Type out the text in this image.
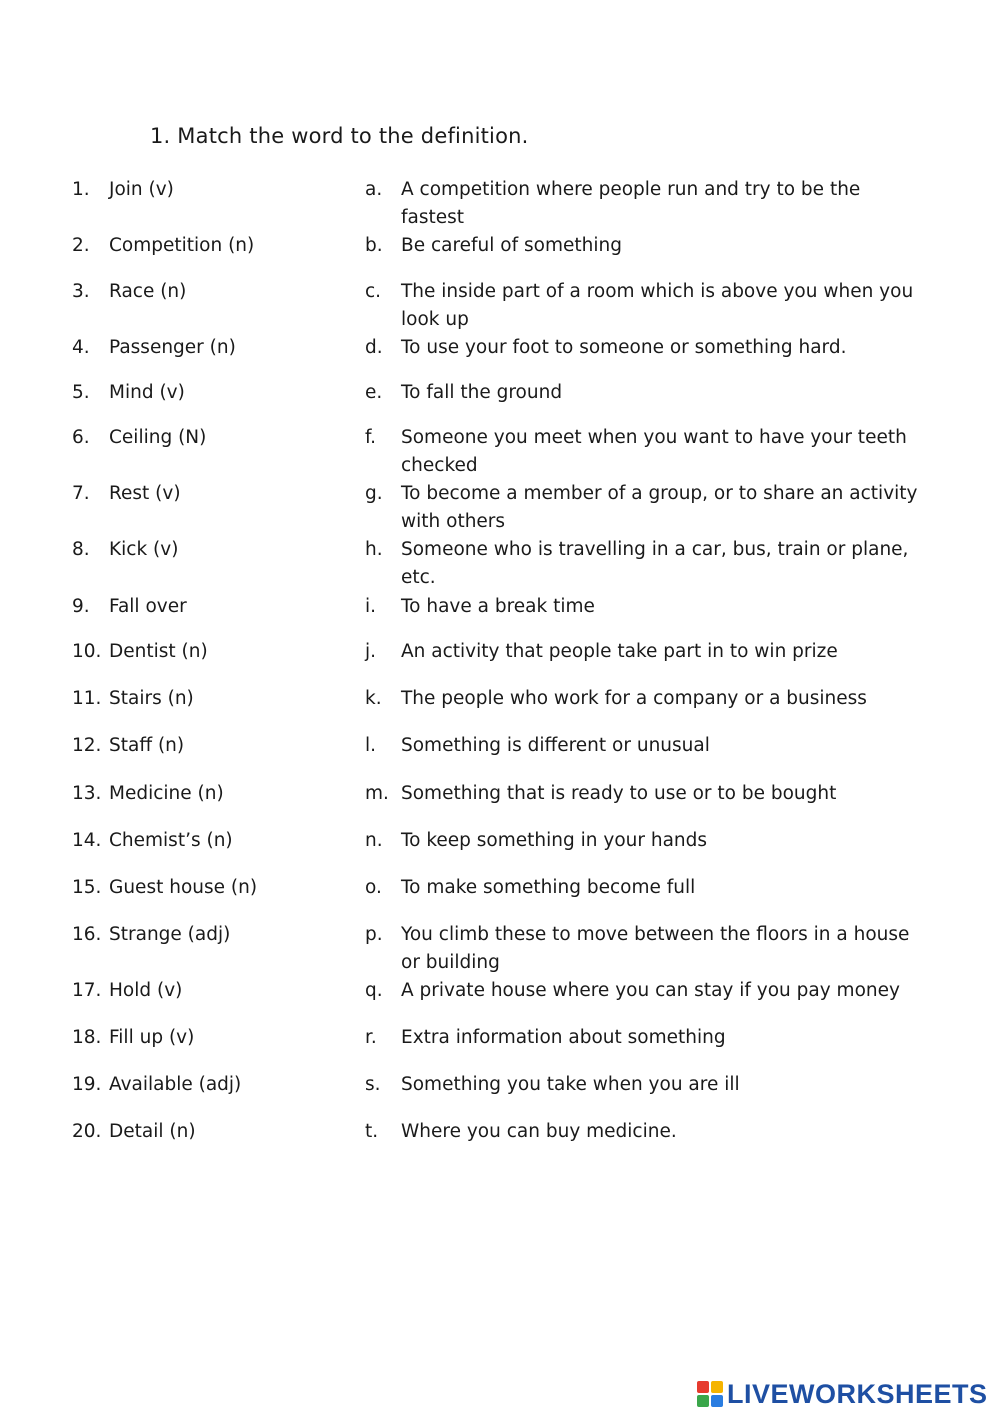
1. Match the word to the definition.
1. Join (v)	a. A competition where people run and try to be the fastest
2. Competition (n)	b. Be careful of something
3. Race (n)	c. The inside part of a room which is above you when you look up
4. Passenger (n)	d. To use your foot to someone or something hard.
5. Mind (v)	e. To fall the ground
6. Ceiling (N)	f. Someone you meet when you want to have your teeth checked
7. Rest (v)	g. To become a member of a group, or to share an activity with others
8. Kick (v)	h. Someone who is travelling in a car, bus, train or plane, etc.
9. Fall over	i. To have a break time
10. Dentist (n)	j. An activity that people take part in to win prize
11. Stairs (n)	k. The people who work for a company or a business
12. Staff (n)	l. Something is different or unusual
13. Medicine (n)	m. Something that is ready to use or to be bought
14. Chemist’s (n)	n. To keep something in your hands
15. Guest house (n)	o. To make something become full
16. Strange (adj)	p. You climb these to move between the floors in a house or building
17. Hold (v)	q. A private house where you can stay if you pay money
18. Fill up (v)	r. Extra information about something
19. Available (adj)	s. Something you take when you are ill
20. Detail (n)	t. Where you can buy medicine.
LIVEWORKSHEETS
